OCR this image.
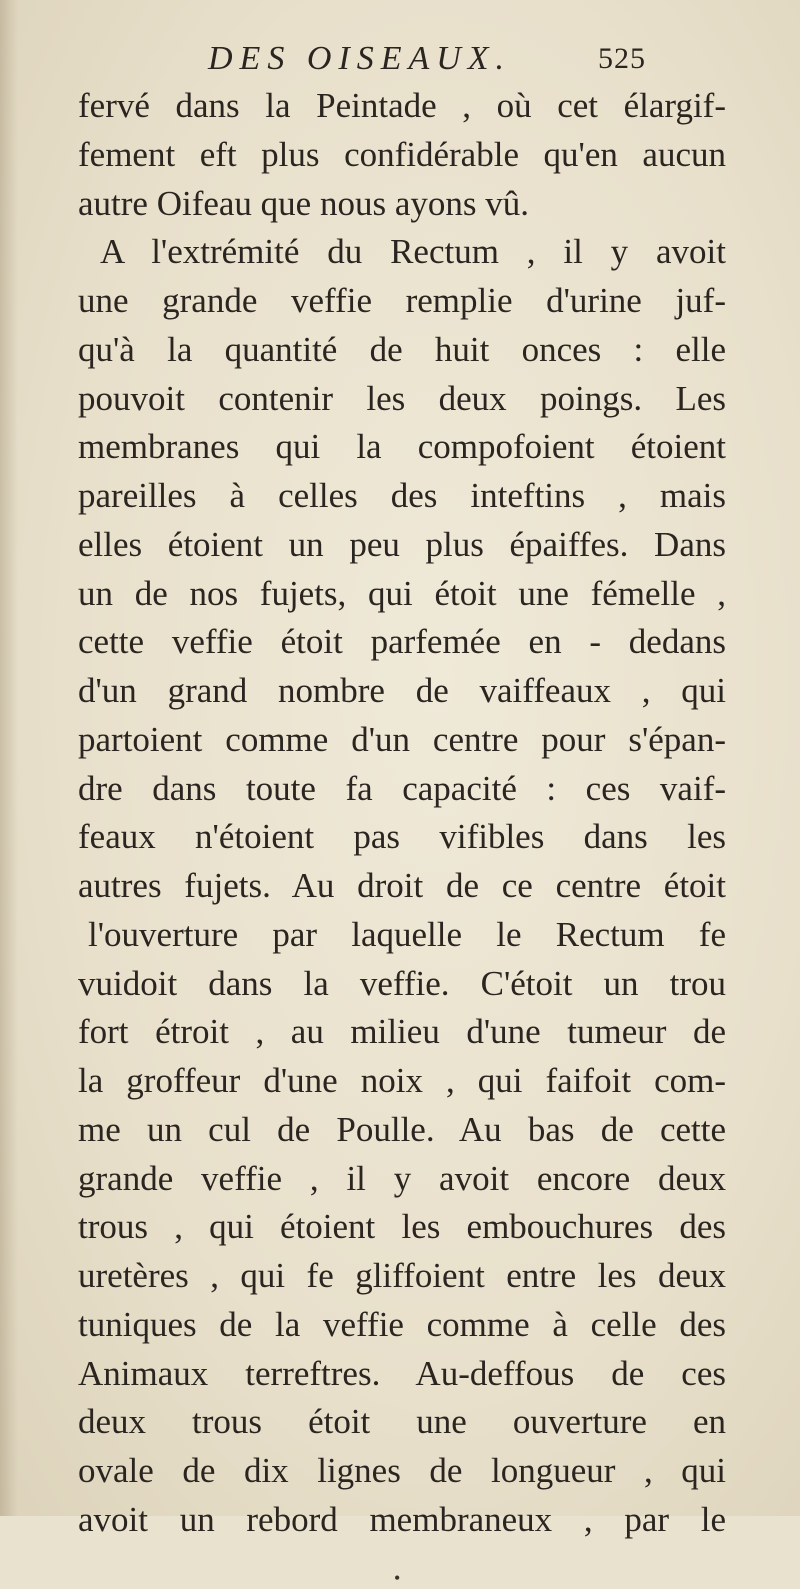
DES OISEAUX.	525
fervé dans la Peintade , où cet élargif-
fement eft plus confidérable qu'en aucun
autre Oifeau que nous ayons vû.
A l'extrémité du Rectum , il y avoit
une grande veffie remplie d'urine juf-
qu'à la quantité de huit onces : elle
pouvoit contenir les deux poings. Les
membranes qui la compofoient étoient
pareilles à celles des inteftins , mais
elles étoient un peu plus épaiffes. Dans
un de nos fujets, qui étoit une fémelle ,
cette veffie étoit parfemée en - dedans
d'un grand nombre de vaiffeaux , qui
partoient comme d'un centre pour s'épan-
dre dans toute fa capacité : ces vaif-
feaux n'étoient pas vifibles dans les
autres fujets. Au droit de ce centre étoit
l'ouverture par laquelle le Rectum fe
vuidoit dans la veffie. C'étoit un trou
fort étroit , au milieu d'une tumeur de
la groffeur d'une noix , qui faifoit com-
me un cul de Poulle. Au bas de cette
grande veffie , il y avoit encore deux
trous , qui étoient les embouchures des
uretères , qui fe gliffoient entre les deux
tuniques de la veffie comme à celle des
Animaux terreftres. Au-deffous de ces
deux trous étoit une ouverture en
ovale de dix lignes de longueur , qui
avoit un rebord membraneux , par le
•
